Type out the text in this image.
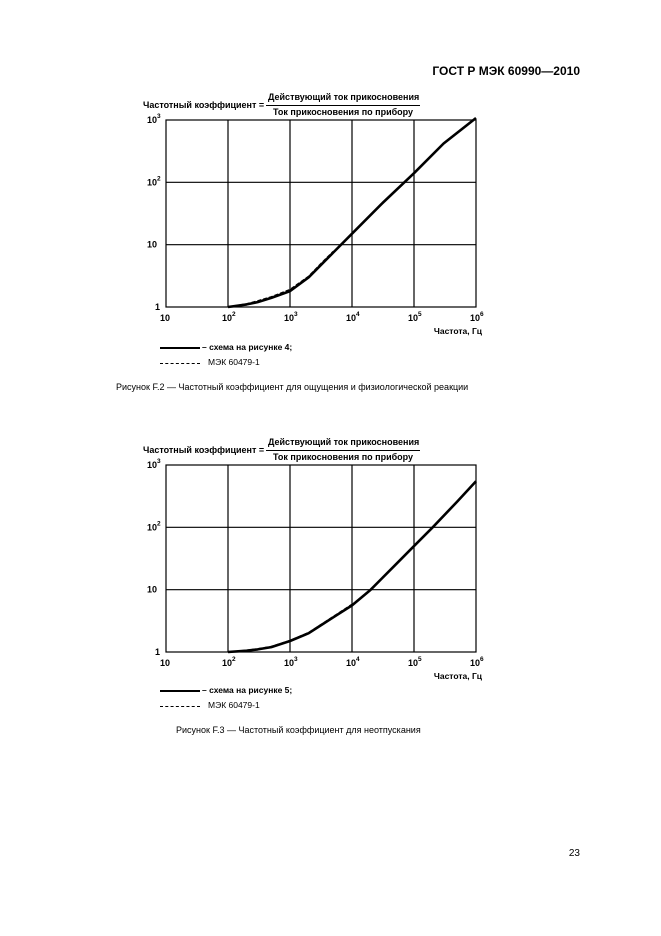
ГОСТ Р МЭК 60990—2010
Частотный коэффициент =
Действующий ток прикосновения
Ток прикосновения по прибору
10	$10^2$	$10^3$	$10^4$	$10^5$	$10^6$
1
10
$10^2$
$10^3$
Частота, Гц
– схема на рисунке 4;
МЭК 60479-1
Рисунок F.2 — Частотный коэффициент для ощущения и физиологической реакции
Частотный коэффициент =
Действующий ток прикосновения
Ток прикосновения по прибору
10	$10^2$	$10^3$	$10^4$	$10^5$	$10^6$
1
10
$10^2$
$10^3$
Частота, Гц
– схема на рисунке 5;
МЭК 60479-1
Рисунок F.3 — Частотный коэффициент для неотпускания
23
